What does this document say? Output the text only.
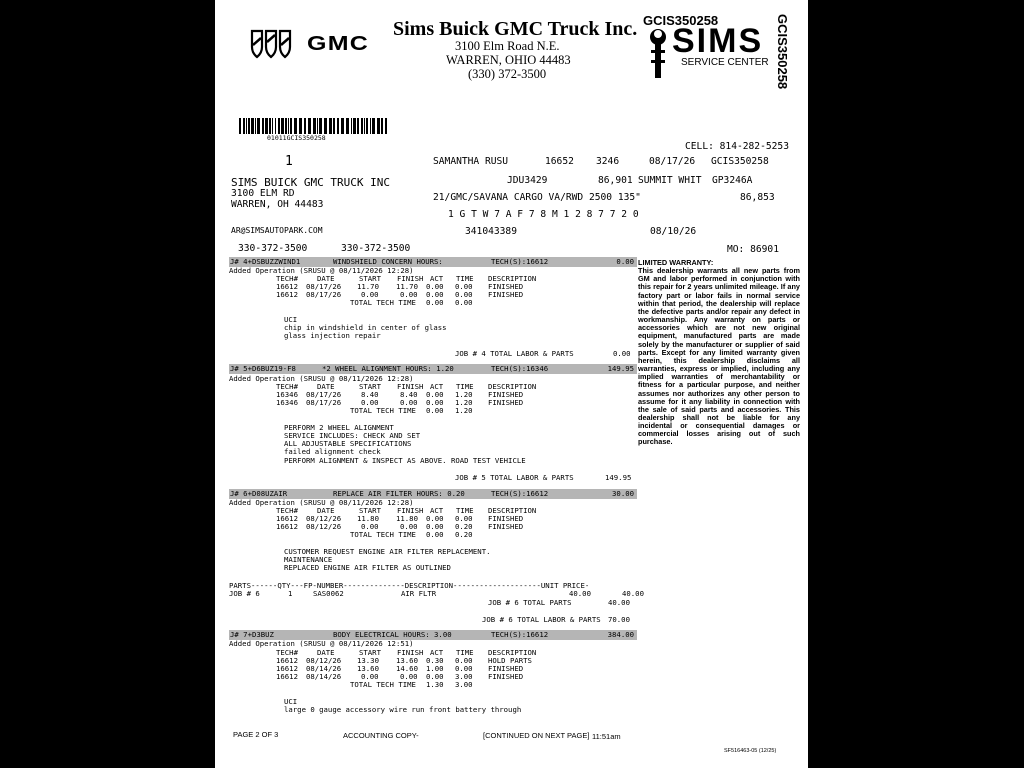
GMC
Sims Buick GMC Truck Inc.
3100 Elm Road N.E.
WARREN, OHIO 44483
(330) 372-3500
GCIS350258	GCIS350258
SIMS
SERVICE CENTER
01011GCIS350258
CELL: 814-282-5253
1	SAMANTHA RUSU	16652 3246	08/17/26 GCIS350258
SIMS BUICK GMC TRUCK INC
3100 ELM RD
WARREN, OH 44483
JDU3429	86,901 SUMMIT WHIT GP3246A
21/GMC/SAVANA CARGO VA/RWD 2500 135"	86,853
1 G T W 7 A F 7 8 M 1 2 8 7 7 2 0
AR@SIMSAUTOPARK.COM	341043389	08/10/26
330-372-3500	330-372-3500	MO: 86901
J# 4+DSBUZZWIND1	WINDSHIELD CONCERN HOURS:	TECH(S):16612	0.00
Added Operation (SRUSU @ 08/11/2026 12:28)
TECH#	DATE	START FINISH ACT TIME DESCRIPTION
16612 08/17/26 11.70 11.70 0.00 0.00 FINISHED
16612 08/17/26	0.00	0.00 0.00 0.00 FINISHED
TOTAL TECH TIME 0.00 0.00
UCI
chip in windshield in center of glass
glass injection repair
JOB # 4 TOTAL LABOR & PARTS	0.00
J# 5+D6BUZ19-F8	*2 WHEEL ALIGNMENT HOURS: 1.20	TECH(S):16346	149.95
Added Operation (SRUSU @ 08/11/2026 12:28)
TECH#	DATE	START FINISH ACT TIME DESCRIPTION
16346 08/17/26	8.40	8.40 0.00 1.20 FINISHED
16346 08/17/26	0.00	0.00 0.00 1.20 FINISHED
TOTAL TECH TIME 0.00 1.20
PERFORM 2 WHEEL ALIGNMENT
SERVICE INCLUDES: CHECK AND SET
ALL ADJUSTABLE SPECIFICATIONS
failed alignment check
PERFORM ALIGNMENT & INSPECT AS ABOVE. ROAD TEST VEHICLE
JOB # 5 TOTAL LABOR & PARTS	149.95
J# 6+D08UZAIR	REPLACE AIR FILTER HOURS: 0.20	TECH(S):16612	30.00
Added Operation (SRUSU @ 08/11/2026 12:28)
TECH#	DATE	START FINISH ACT TIME DESCRIPTION
16612 08/12/26 11.80 11.80 0.00 0.00 FINISHED
16612 08/12/26	0.00	0.00 0.00 0.20 FINISHED
TOTAL TECH TIME 0.00 0.20
CUSTOMER REQUEST ENGINE AIR FILTER REPLACEMENT.
MAINTENANCE
REPLACED ENGINE AIR FILTER AS OUTLINED
PARTS------QTY---FP-NUMBER--------------DESCRIPTION--------------------UNIT PRICE-
JOB # 6	1	SAS0062	AIR FLTR	40.00	40.00
JOB # 6 TOTAL PARTS	40.00
JOB # 6 TOTAL LABOR & PARTS 70.00
J# 7+D3BUZ	BODY ELECTRICAL HOURS: 3.00	TECH(S):16612	384.00
Added Operation (SRUSU @ 08/11/2026 12:51)
TECH#	DATE	START FINISH ACT TIME DESCRIPTION
16612 08/12/26 13.30 13.60 0.30 0.00 HOLD PARTS
16612 08/14/26 13.60 14.60 1.00 0.00 FINISHED
16612 08/14/26	0.00	0.00 0.00 3.00 FINISHED
TOTAL TECH TIME 1.30 3.00
UCI
large 0 gauge accessory wire run front battery through
LIMITED WARRANTY:
This dealership warrants all new parts from GM and labor performed in conjunction with this repair for 2 years unlimited mileage. If any factory part or labor fails in normal service within that period, the dealership will replace the defective parts and/or repair any defect in workmanship. Any warranty on parts or accessories which are not new original equipment, manufactured parts are made solely by the manufacturer or supplier of said parts. Except for any limited warranty given herein, this dealership disclaims all warranties, express or implied, including any implied warranties of merchantability or fitness for a particular purpose, and neither assumes nor authorizes any other person to assume for it any liability in connection with the sale of said parts and accessories. This dealership shall not be liable for any incidental or consequential damages or commercial losses arising out of such purchase.
PAGE 2 OF 3	ACCOUNTING COPY-	[CONTINUED ON NEXT PAGE] 11:51am
SF516463-05 (12/25)
